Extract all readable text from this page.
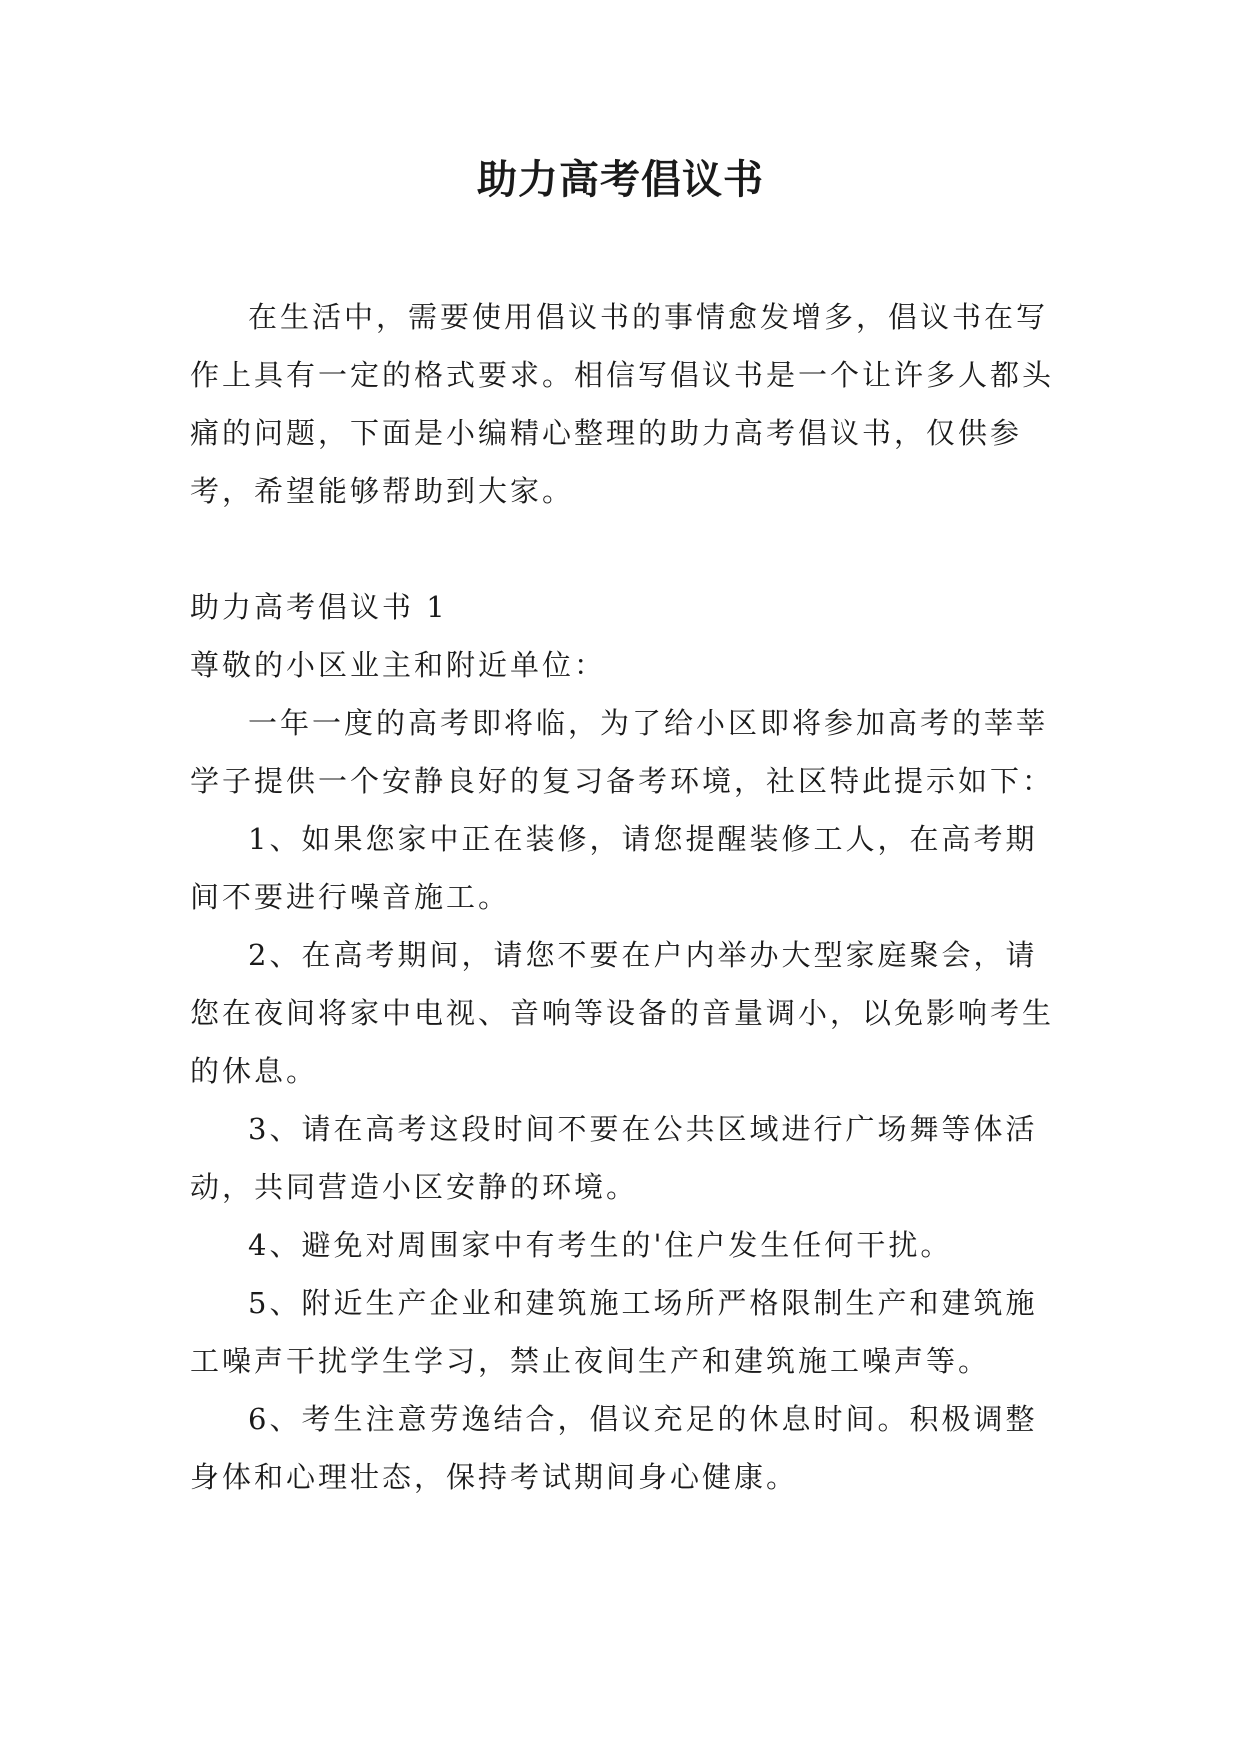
助力高考倡议书

在生活中，需要使用倡议书的事情愈发增多，倡议书在写作上具有一定的格式要求。相信写倡议书是一个让许多人都头痛的问题，下面是小编精心整理的助力高考倡议书，仅供参考，希望能够帮助到大家。

助力高考倡议书 1

尊敬的小区业主和附近单位：

一年一度的高考即将临，为了给小区即将参加高考的莘莘学子提供一个安静良好的复习备考环境，社区特此提示如下：

1、如果您家中正在装修，请您提醒装修工人，在高考期间不要进行噪音施工。

2、在高考期间，请您不要在户内举办大型家庭聚会，请您在夜间将家中电视、音响等设备的音量调小，以免影响考生的休息。

3、请在高考这段时间不要在公共区域进行广场舞等体活动，共同营造小区安静的环境。

4、避免对周围家中有考生的'住户发生任何干扰。

5、附近生产企业和建筑施工场所严格限制生产和建筑施工噪声干扰学生学习，禁止夜间生产和建筑施工噪声等。

6、考生注意劳逸结合，倡议充足的休息时间。积极调整身体和心理壮态，保持考试期间身心健康。
